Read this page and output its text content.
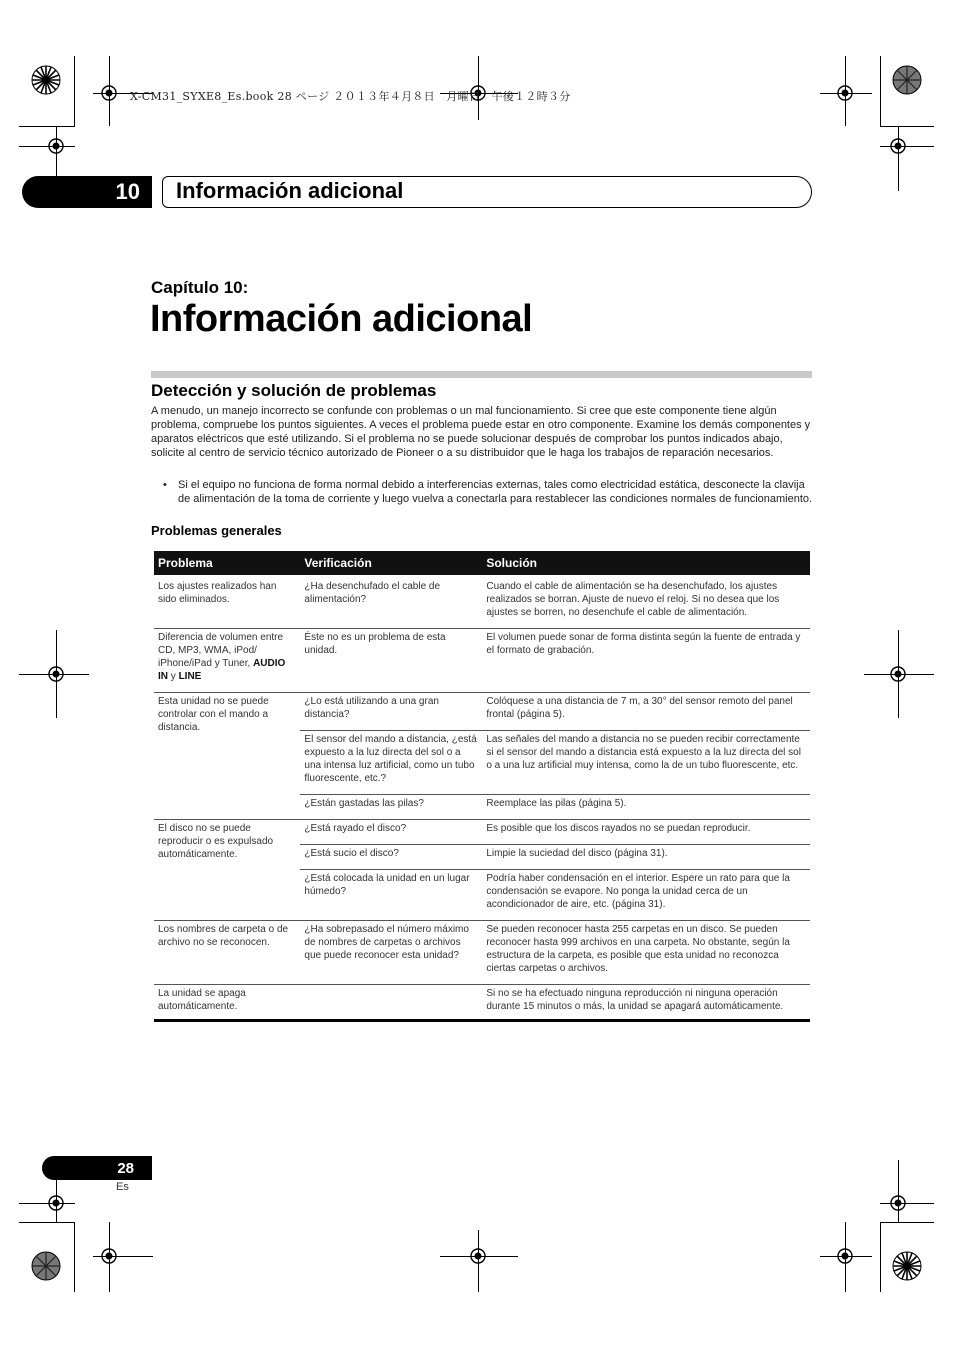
X-CM31_SYXE8_Es.book 28 ページ ２０１３年４月８日　月曜日　午後１２時３分
10	Información adicional
Capítulo 10:
Información adicional
Detección y solución de problemas
A menudo, un manejo incorrecto se confunde con problemas o un mal funcionamiento. Si cree que este componente tiene algún problema, compruebe los puntos siguientes. A veces el problema puede estar en otro componente. Examine los demás componentes y aparatos eléctricos que esté utilizando. Si el problema no se puede solucionar después de comprobar los puntos indicados abajo, solicite al centro de servicio técnico autorizado de Pioneer o a su distribuidor que le haga los trabajos de reparación necesarios.
•	Si el equipo no funciona de forma normal debido a interferencias externas, tales como electricidad estática, desconecte la clavija de alimentación de la toma de corriente y luego vuelva a conectarla para restablecer las condiciones normales de funcionamiento.
Problemas generales
Problema	Verificación	Solución
Los ajustes realizados han sido eliminados.	¿Ha desenchufado el cable de alimentación?	Cuando el cable de alimentación se ha desenchufado, los ajustes realizados se borran. Ajuste de nuevo el reloj. Si no desea que los ajustes se borren, no desenchufe el cable de alimentación.
Diferencia de volumen entre CD, MP3, WMA, iPod/ iPhone/iPad y Tuner, AUDIO IN y LINE	Éste no es un problema de esta unidad.	El volumen puede sonar de forma distinta según la fuente de entrada y el formato de grabación.
Esta unidad no se puede controlar con el mando a distancia.	¿Lo está utilizando a una gran distancia?	Colóquese a una distancia de 7 m, a 30° del sensor remoto del panel frontal (página 5).
	El sensor del mando a distancia, ¿está expuesto a la luz directa del sol o a una intensa luz artificial, como un tubo fluorescente, etc.?	Las señales del mando a distancia no se pueden recibir correctamente si el sensor del mando a distancia está expuesto a la luz directa del sol o a una luz artificial muy intensa, como la de un tubo fluorescente, etc.
	¿Están gastadas las pilas?	Reemplace las pilas (página 5).
El disco no se puede reproducir o es expulsado automáticamente.	¿Está rayado el disco?	Es posible que los discos rayados no se puedan reproducir.
	¿Está sucio el disco?	Limpie la suciedad del disco (página 31).
	¿Está colocada la unidad en un lugar húmedo?	Podría haber condensación en el interior. Espere un rato para que la condensación se evapore. No ponga la unidad cerca de un acondicionador de aire, etc. (página 31).
Los nombres de carpeta o de archivo no se reconocen.	¿Ha sobrepasado el número máximo de nombres de carpetas o archivos que puede reconocer esta unidad?	Se pueden reconocer hasta 255 carpetas en un disco. Se pueden reconocer hasta 999 archivos en una carpeta. No obstante, según la estructura de la carpeta, es posible que esta unidad no reconozca ciertas carpetas o archivos.
La unidad se apaga automáticamente.		Si no se ha efectuado ninguna reproducción ni ninguna operación durante 15 minutos o más, la unidad se apagará automáticamente.
28
Es
